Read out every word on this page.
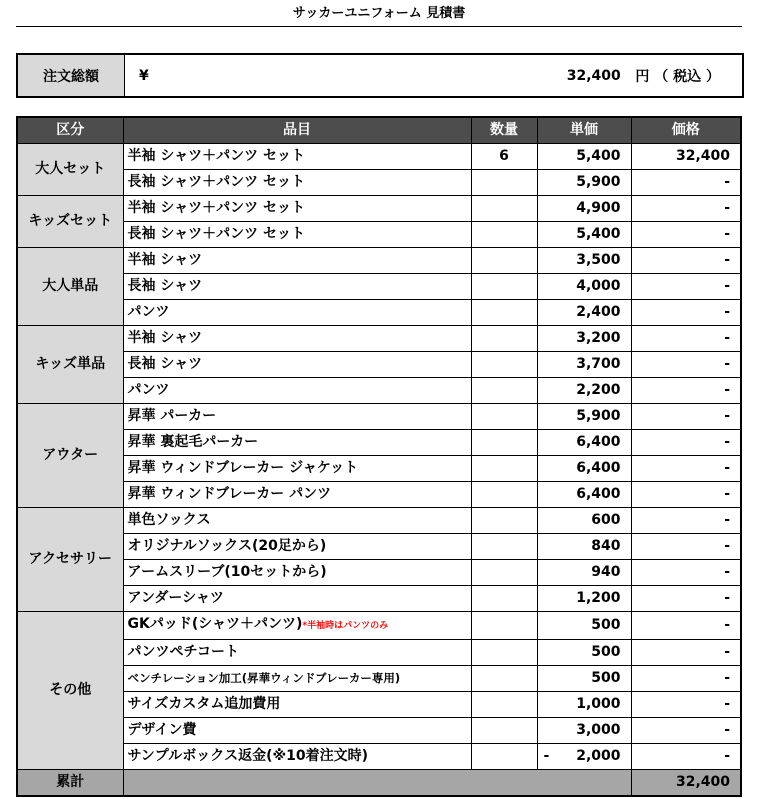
サッカーユニフォーム 見積書
注文総額	¥	32,400
円 （ 税込 ）
区分	品目	数量	単価	価格
大人セット	半袖 シャツ＋パンツ セット	6	5,400	32,400
	長袖 シャツ＋パンツ セット		5,900	-
キッズセット	半袖 シャツ＋パンツ セット		4,900	-
	長袖 シャツ＋パンツ セット		5,400	-
大人単品	半袖 シャツ		3,500	-
	長袖 シャツ		4,000	-
	パンツ		2,400	-
キッズ単品	半袖 シャツ		3,200	-
	長袖 シャツ		3,700	-
	パンツ		2,200	-
アウター	昇華 パーカー		5,900	-
	昇華 裏起毛パーカー		6,400	-
	昇華 ウィンドブレーカー ジャケット		6,400	-
	昇華 ウィンドブレーカー パンツ		6,400	-
アクセサリー	単色ソックス		600	-
	オリジナルソックス(20足から)		840	-
	アームスリーブ(10セットから)		940	-
	アンダーシャツ		1,200	-
その他	GKパッド(シャツ＋パンツ)*半袖時はパンツのみ		500	-
	パンツペチコート		500	-
	ベンチレーション加工(昇華ウィンドブレーカー専用)		500	-
	サイズカスタム追加費用		1,000	-
	デザイン費		3,000	-
	サンプルボックス返金(※10着注文時)		- 2,000	-
累計				32,400
